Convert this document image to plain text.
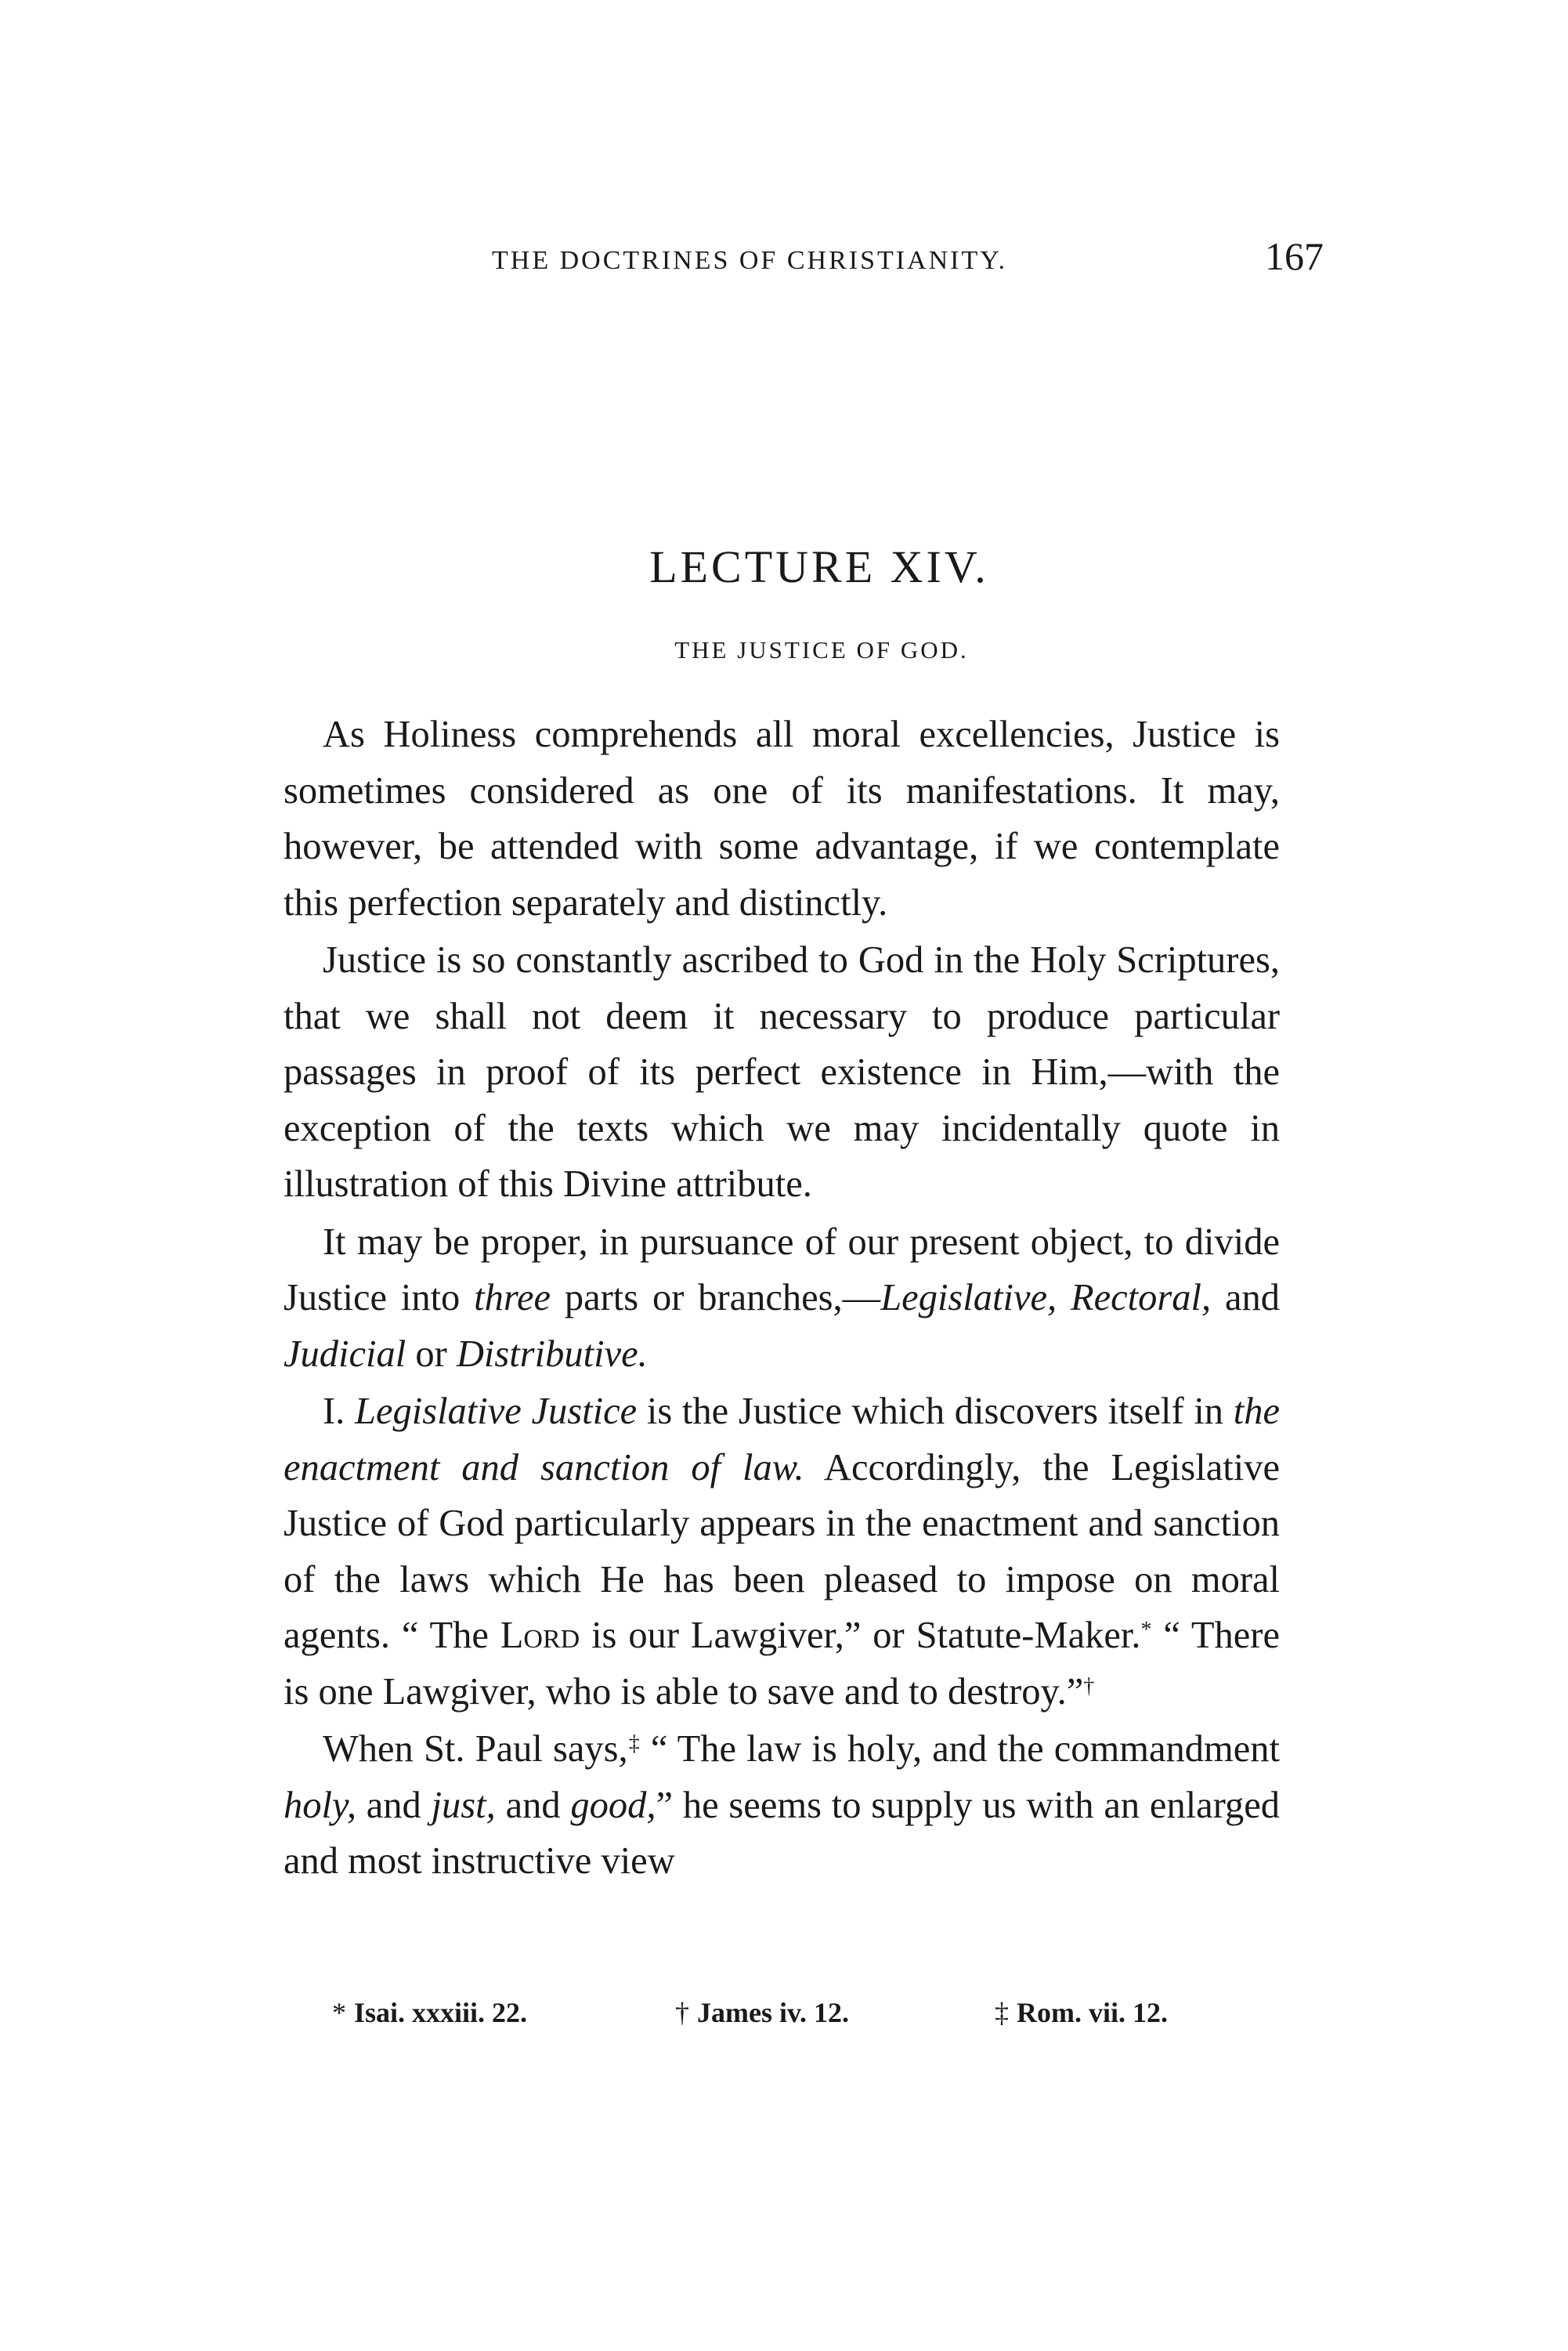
THE DOCTRINES OF CHRISTIANITY.	167
LECTURE XIV.
THE JUSTICE OF GOD.

As Holiness comprehends all moral excellencies, Justice is sometimes considered as one of its manifestations. It may, however, be attended with some advantage, if we contemplate this perfection separately and distinctly.

Justice is so constantly ascribed to God in the Holy Scriptures, that we shall not deem it necessary to produce particular passages in proof of its perfect existence in Him,—with the exception of the texts which we may incidentally quote in illustration of this Divine attribute.

It may be proper, in pursuance of our present object, to divide Justice into three parts or branches,—Legislative, Rectoral, and Judicial or Distributive.

I. Legislative Justice is the Justice which discovers itself in the enactment and sanction of law. Accordingly, the Legislative Justice of God particularly appears in the enactment and sanction of the laws which He has been pleased to impose on moral agents. “ The Lord is our Lawgiver,” or Statute-Maker.* “ There is one Lawgiver, who is able to save and to destroy.”†

When St. Paul says,‡ “ The law is holy, and the commandment holy, and just, and good,” he seems to supply us with an enlarged and most instructive view

* Isai. xxxiii. 22.	† James iv. 12.	‡ Rom. vii. 12.
